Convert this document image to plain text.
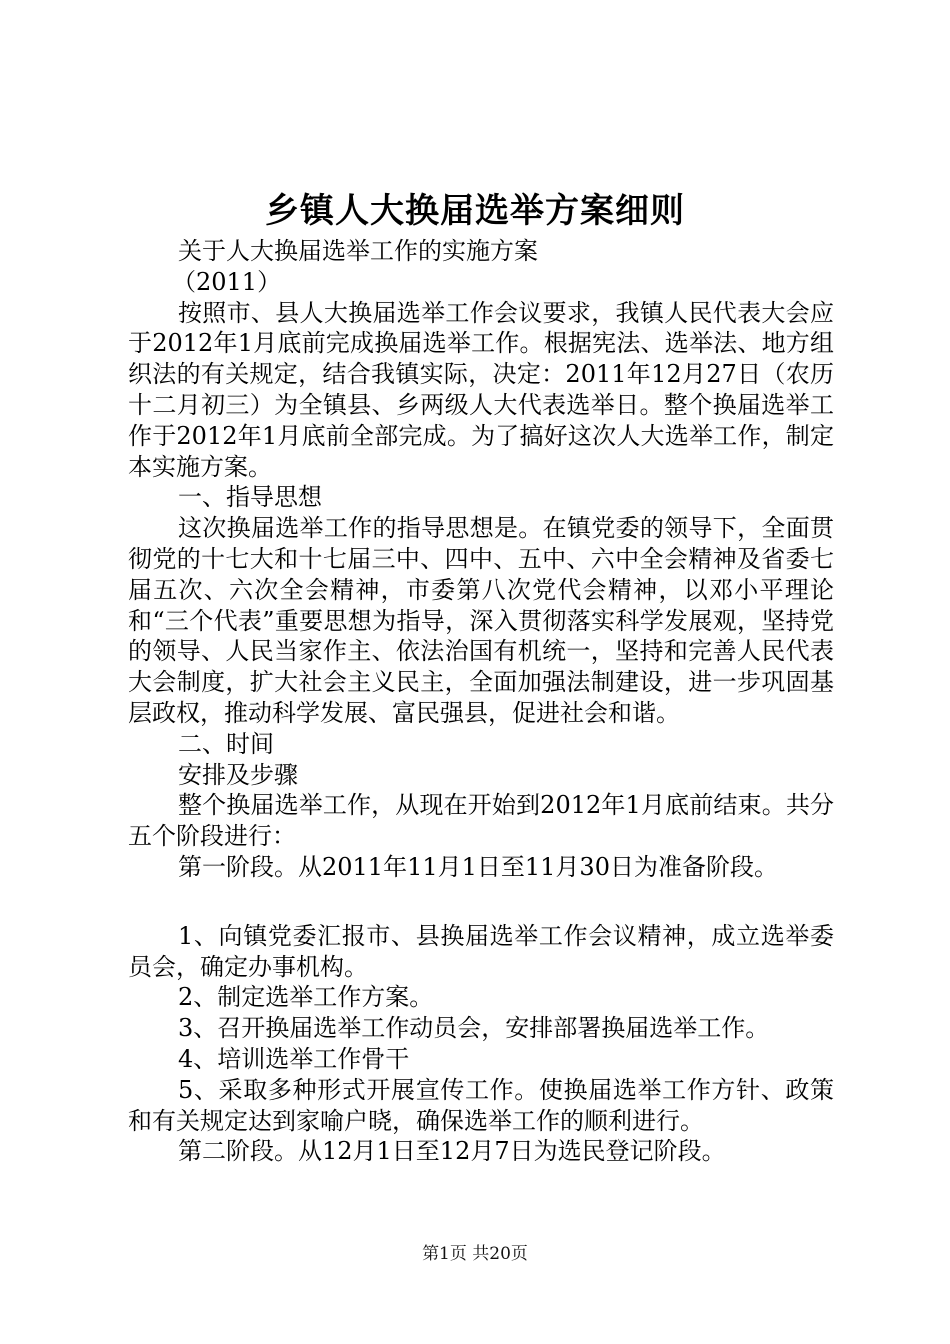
乡镇人大换届选举方案细则

关于人大换届选举工作的实施方案

（2011）

按照市、县人大换届选举工作会议要求，我镇人民代表大会应于2012年1月底前完成换届选举工作。根据宪法、选举法、地方组织法的有关规定，结合我镇实际，决定：2011年12月27日（农历十二月初三）为全镇县、乡两级人大代表选举日。整个换届选举工作于2012年1月底前全部完成。为了搞好这次人大选举工作，制定本实施方案。

一、指导思想

这次换届选举工作的指导思想是。在镇党委的领导下，全面贯彻党的十七大和十七届三中、四中、五中、六中全会精神及省委七届五次、六次全会精神，市委第八次党代会精神，以邓小平理论和“三个代表”重要思想为指导，深入贯彻落实科学发展观，坚持党的领导、人民当家作主、依法治国有机统一，坚持和完善人民代表大会制度，扩大社会主义民主，全面加强法制建设，进一步巩固基层政权，推动科学发展、富民强县，促进社会和谐。

二、时间

安排及步骤

整个换届选举工作，从现在开始到2012年1月底前结束。共分五个阶段进行：

第一阶段。从2011年11月1日至11月30日为准备阶段。

1、向镇党委汇报市、县换届选举工作会议精神，成立选举委员会，确定办事机构。

2、制定选举工作方案。

3、召开换届选举工作动员会，安排部署换届选举工作。

4、培训选举工作骨干

5、采取多种形式开展宣传工作。使换届选举工作方针、政策和有关规定达到家喻户晓，确保选举工作的顺利进行。

第二阶段。从12月1日至12月7日为选民登记阶段。

第1页 共20页
